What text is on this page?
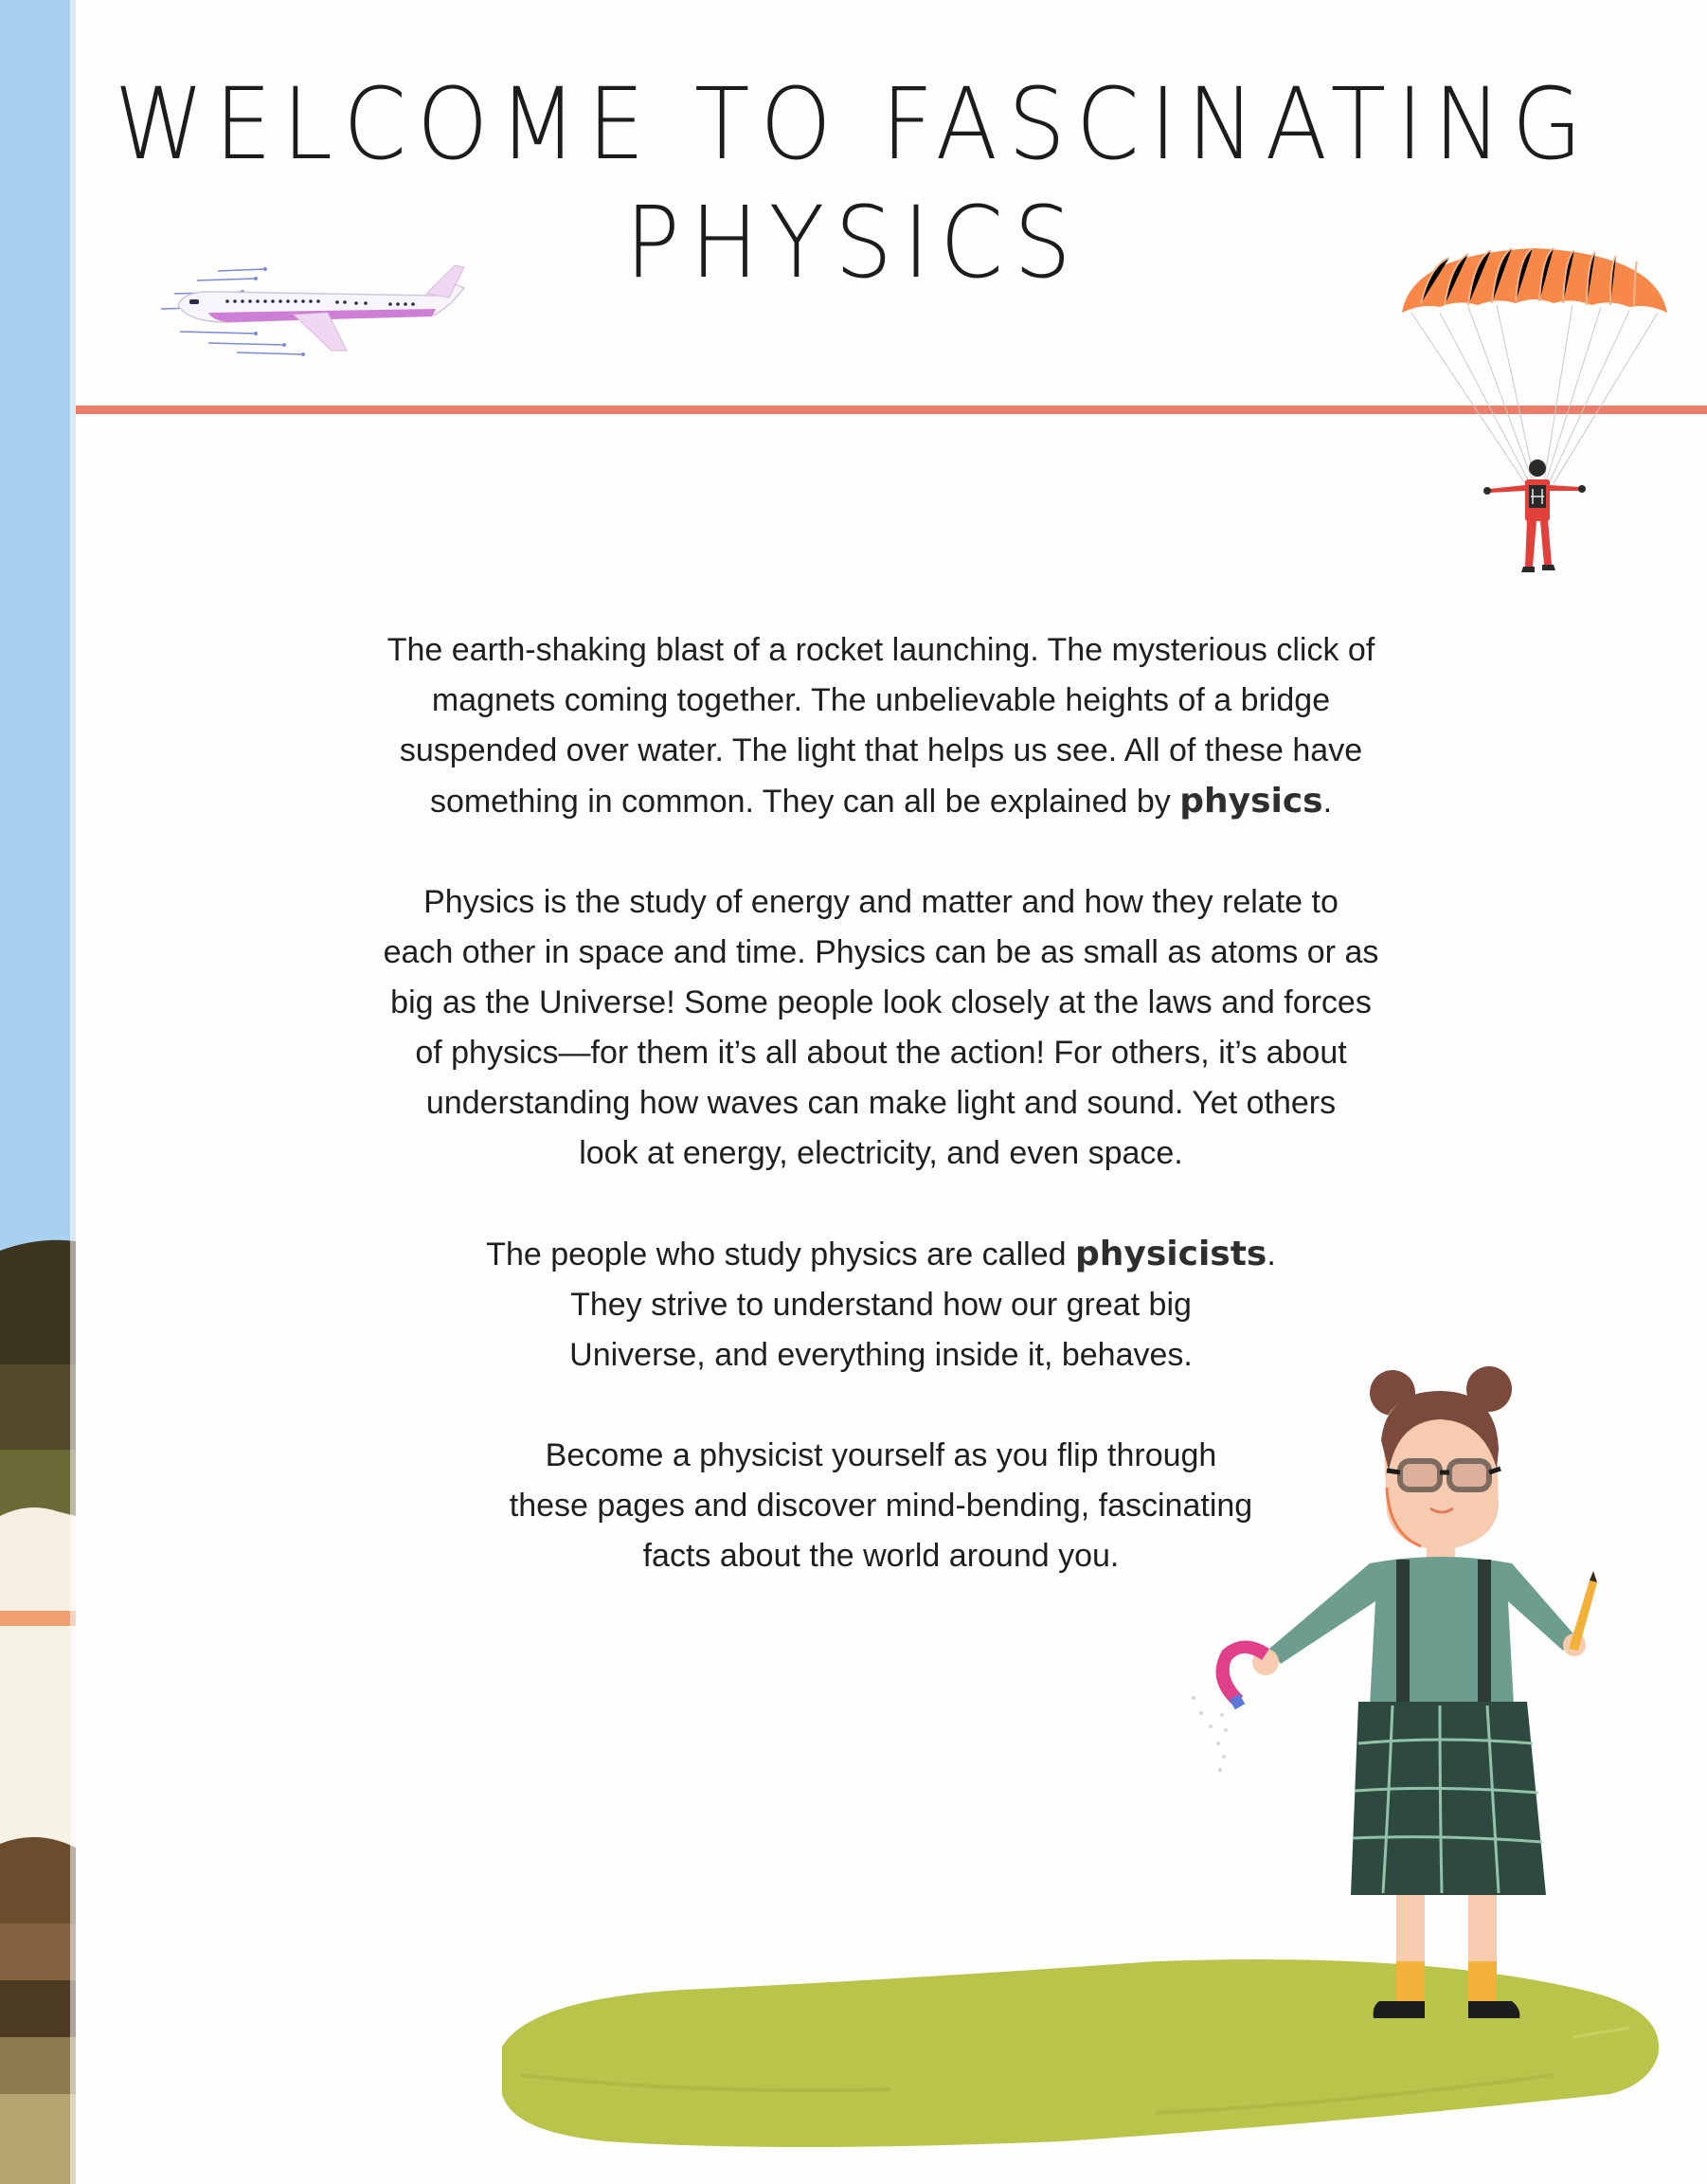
WELCOME TO FASCINATING
PHYSICS

The earth-shaking blast of a rocket launching. The mysterious click of
magnets coming together. The unbelievable heights of a bridge
suspended over water. The light that helps us see. All of these have
something in common. They can all be explained by physics.

Physics is the study of energy and matter and how they relate to
each other in space and time. Physics can be as small as atoms or as
big as the Universe! Some people look closely at the laws and forces
of physics—for them it’s all about the action! For others, it’s about
understanding how waves can make light and sound. Yet others
look at energy, electricity, and even space.

The people who study physics are called physicists.
They strive to understand how our great big
Universe, and everything inside it, behaves.

Become a physicist yourself as you flip through
these pages and discover mind-bending, fascinating
facts about the world around you.
